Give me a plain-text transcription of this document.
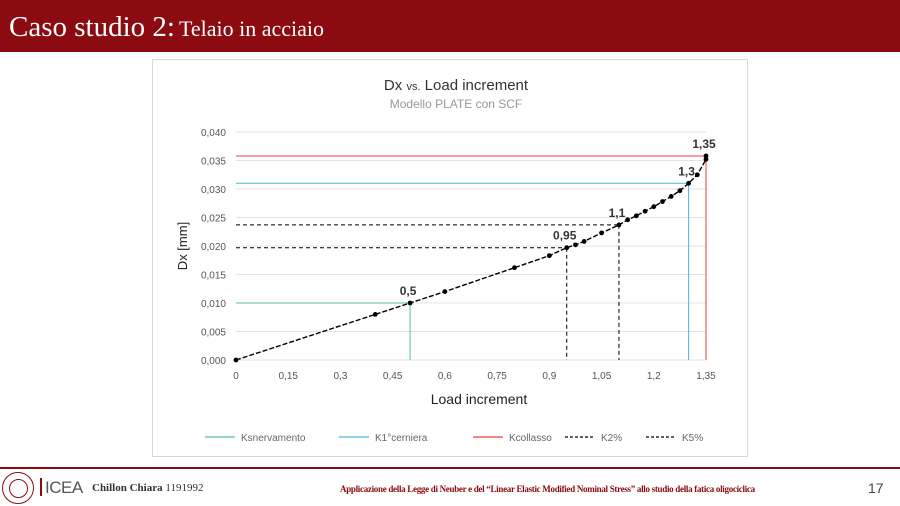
Caso studio 2: Telaio in acciaio
Dx vs. Load increment
Modello PLATE con SCF
Dx [mm]
Load increment
0,000
0,005
0,010
0,015
0,020
0,025
0,030
0,035
0,040
0	0,15	0,3	0,45	0,6	0,75	0,9	1,05	1,2	1,35
0,5
0,95
1,1
1,3
1,35
Ksnervamento	K1°cerniera	Kcollasso	K2%	K5%
ICEA Chillon Chiara 1191992	Applicazione della Legge di Neuber e del “Linear Elastic Modified Nominal Stress” allo studio della fatica oligociclica	17
